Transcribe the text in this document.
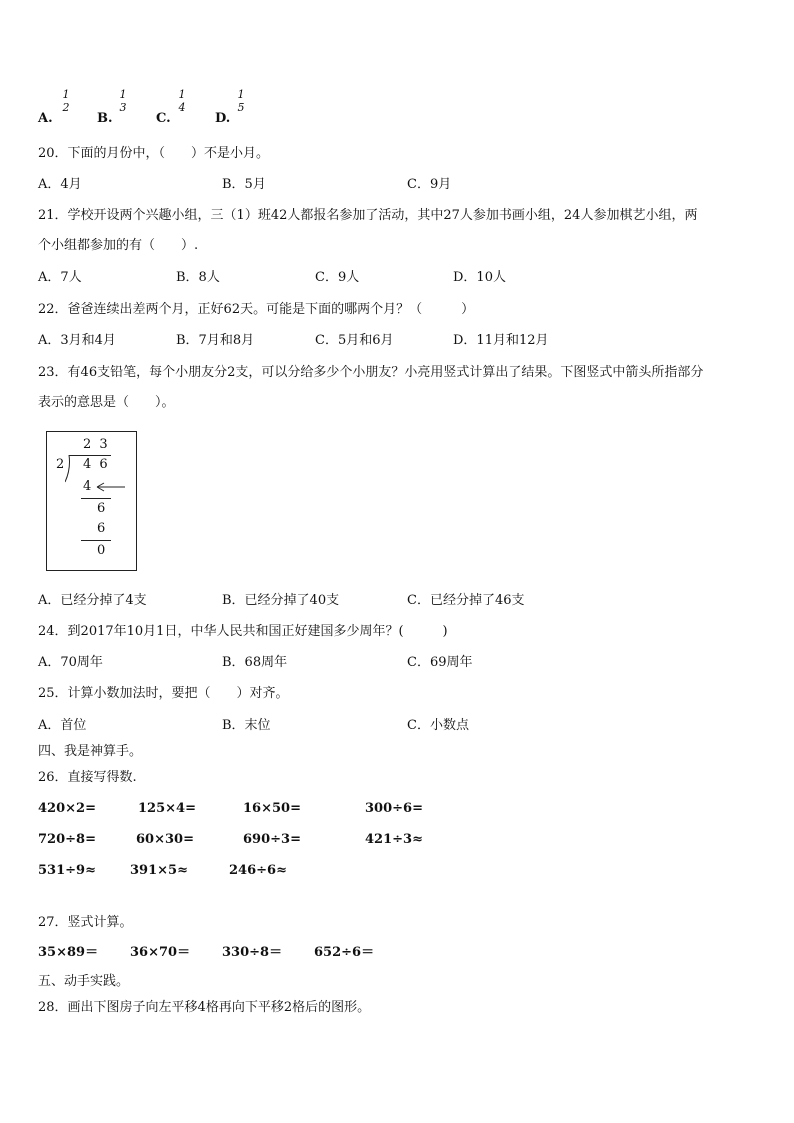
A.
1
2
B.
1
3
C.
1
4
D.
1
5
20．下面的月份中，（　　）不是小月。
A．4月	B．5月	C．9月
21．学校开设两个兴趣小组，三（1）班42人都报名参加了活动，其中27人参加书画小组，24人参加棋艺小组，两
个小组都参加的有（　　）.
A．7人	B．8人	C．9人	D．10人
22．爸爸连续出差两个月，正好62天。可能是下面的哪两个月？（　　　）
A．3月和4月	B．7月和8月	C．5月和6月	D．11月和12月
23．有46支铅笔，每个小朋友分2支，可以分给多少个小朋友？小亮用竖式计算出了结果。下图竖式中箭头所指部分
表示的意思是（　　）。
2 3
2 4 6
4
6
6
0
A．已经分掉了4支	B．已经分掉了40支	C．已经分掉了46支
24．到2017年10月1日，中华人民共和国正好建国多少周年？(　　　)
A．70周年	B．68周年	C．69周年
25．计算小数加法时，要把（　　）对齐。
A．首位	B．末位	C．小数点
四、我是神算手。
26．直接写得数.
420×2=	125×4=	16×50=	300÷6=
720÷8=	60×30=	690÷3=	421÷3≈
531÷9≈	391×5≈	246÷6≈
27．竖式计算。
35×89＝ 36×70＝ 330÷8＝ 652÷6＝
五、动手实践。
28．画出下图房子向左平移4格再向下平移2格后的图形。
